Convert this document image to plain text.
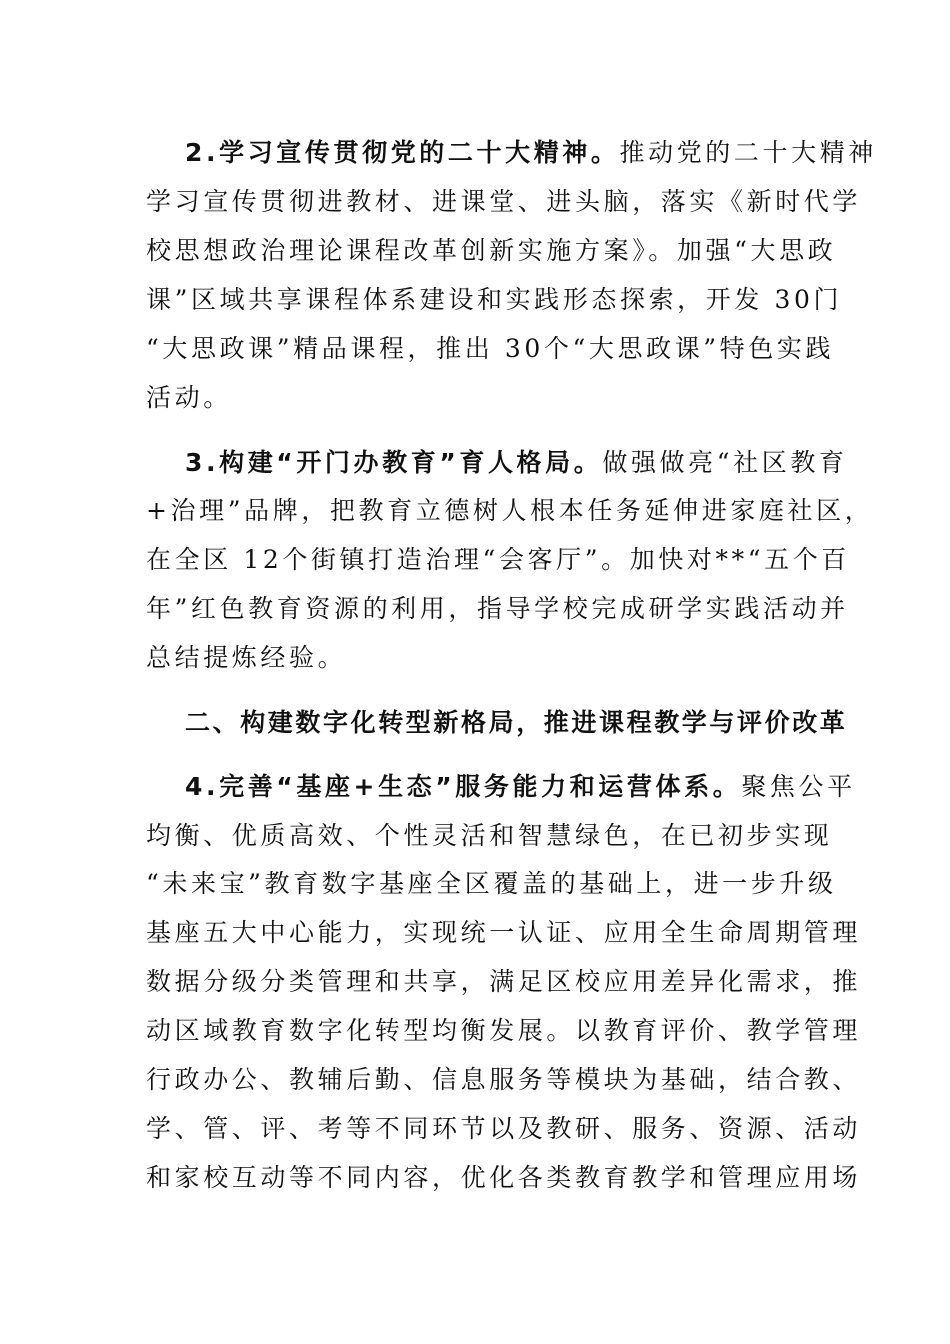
2.学习宣传贯彻党的二十大精神。推动党的二十大精神
学习宣传贯彻进教材、进课堂、进头脑，落实《新时代学
校思想政治理论课程改革创新实施方案》。加强“大思政
课”区域共享课程体系建设和实践形态探索，开发 30门
“大思政课”精品课程，推出 30个“大思政课”特色实践
活动。
3.构建“开门办教育”育人格局。做强做亮“社区教育
+治理”品牌，把教育立德树人根本任务延伸进家庭社区，
在全区 12个街镇打造治理“会客厅”。加快对**“五个百
年”红色教育资源的利用，指导学校完成研学实践活动并
总结提炼经验。
二、构建数字化转型新格局，推进课程教学与评价改革
4.完善“基座+生态”服务能力和运营体系。聚焦公平
均衡、优质高效、个性灵活和智慧绿色，在已初步实现
“未来宝”教育数字基座全区覆盖的基础上，进一步升级
基座五大中心能力，实现统一认证、应用全生命周期管理
数据分级分类管理和共享，满足区校应用差异化需求，推
动区域教育数字化转型均衡发展。以教育评价、教学管理
行政办公、教辅后勤、信息服务等模块为基础，结合教、
学、管、评、考等不同环节以及教研、服务、资源、活动
和家校互动等不同内容，优化各类教育教学和管理应用场
